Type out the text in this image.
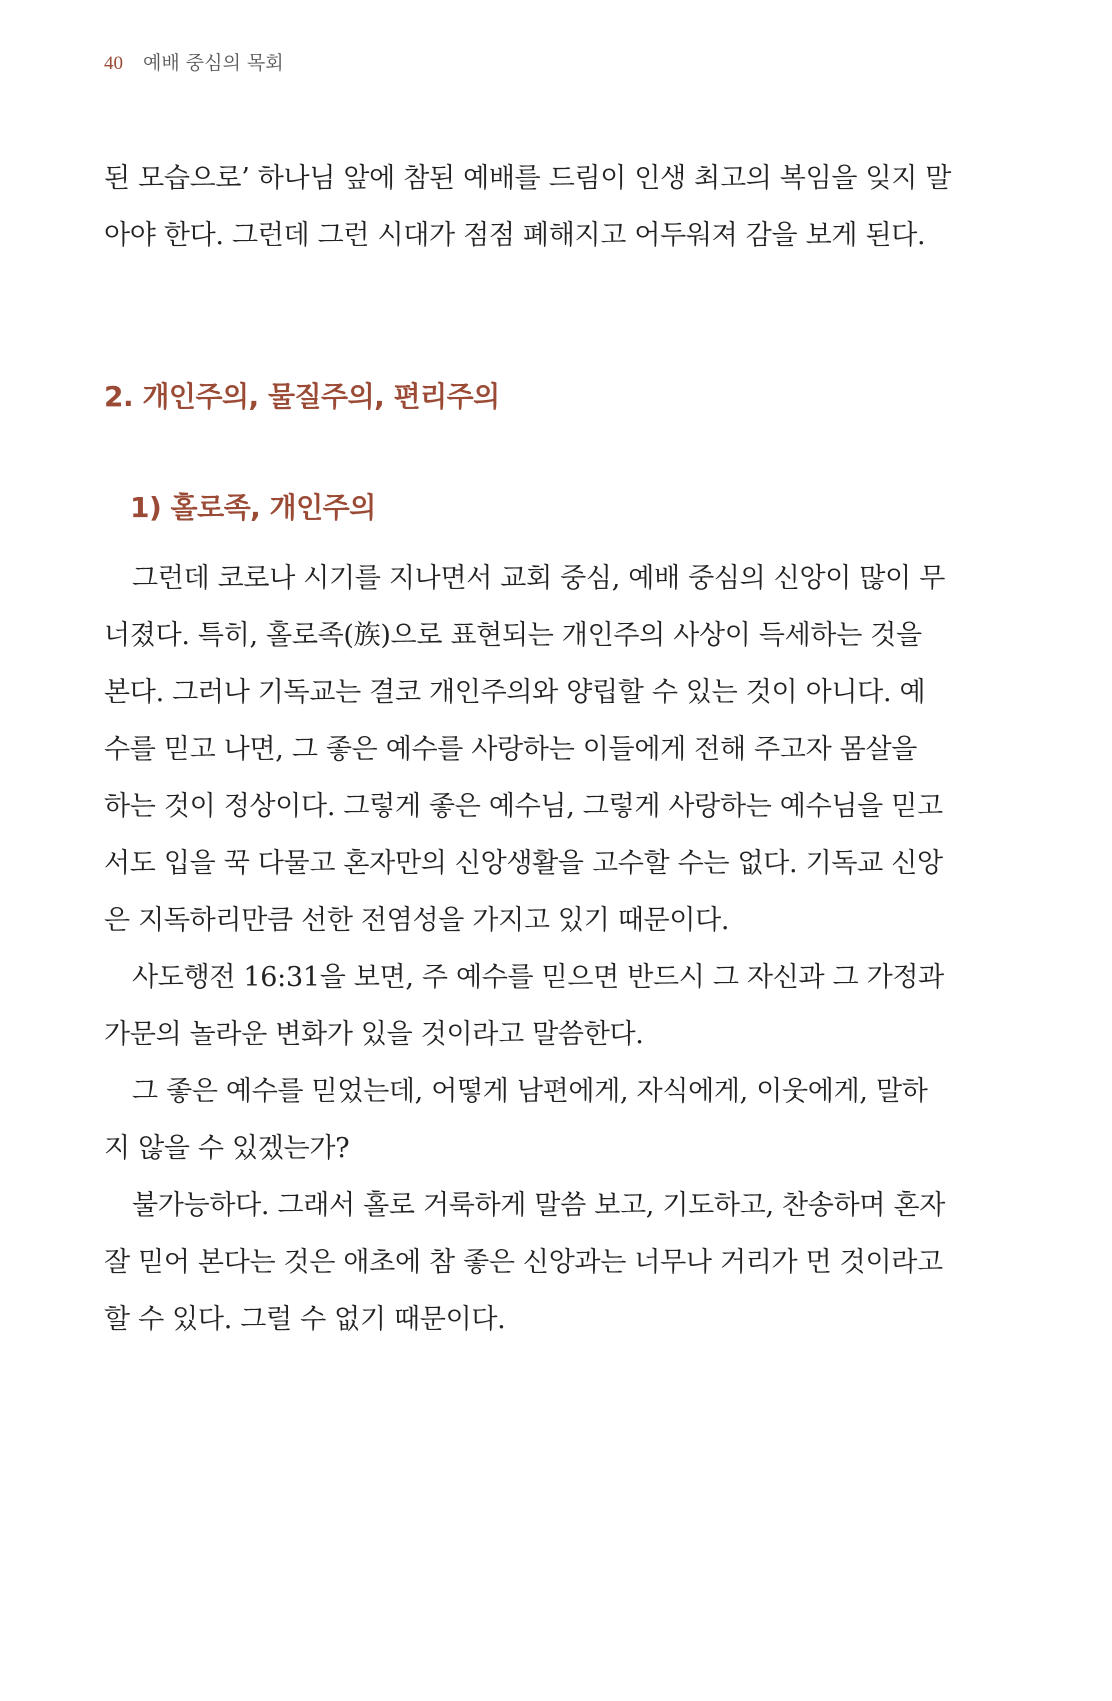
40 예배 중심의 목회

된 모습으로’ 하나님 앞에 참된 예배를 드림이 인생 최고의 복임을 잊지 말
아야 한다. 그런데 그런 시대가 점점 폐해지고 어두워져 감을 보게 된다.

2. 개인주의, 물질주의, 편리주의
1) 홀로족, 개인주의

그런데 코로나 시기를 지나면서 교회 중심, 예배 중심의 신앙이 많이 무
너졌다. 특히, 홀로족(族)으로 표현되는 개인주의 사상이 득세하는 것을
본다. 그러나 기독교는 결코 개인주의와 양립할 수 있는 것이 아니다. 예
수를 믿고 나면, 그 좋은 예수를 사랑하는 이들에게 전해 주고자 몸살을
하는 것이 정상이다. 그렇게 좋은 예수님, 그렇게 사랑하는 예수님을 믿고
서도 입을 꾹 다물고 혼자만의 신앙생활을 고수할 수는 없다. 기독교 신앙
은 지독하리만큼 선한 전염성을 가지고 있기 때문이다.

사도행전 16:31을 보면, 주 예수를 믿으면 반드시 그 자신과 그 가정과
가문의 놀라운 변화가 있을 것이라고 말씀한다.

그 좋은 예수를 믿었는데, 어떻게 남편에게, 자식에게, 이웃에게, 말하
지 않을 수 있겠는가?

불가능하다. 그래서 홀로 거룩하게 말씀 보고, 기도하고, 찬송하며 혼자
잘 믿어 본다는 것은 애초에 참 좋은 신앙과는 너무나 거리가 먼 것이라고
할 수 있다. 그럴 수 없기 때문이다.
